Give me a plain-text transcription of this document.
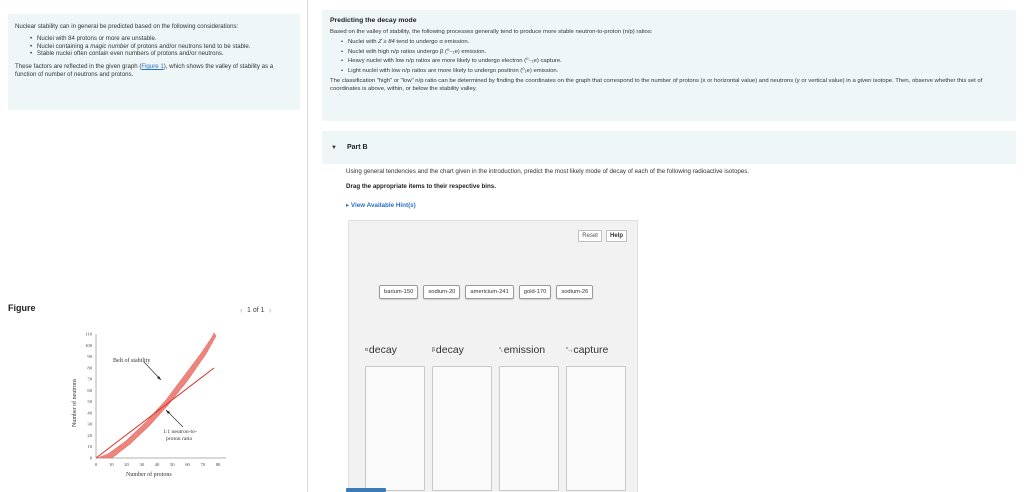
Nuclear stability can in general be predicted based on the following considerations:

• Nuclei with 84 protons or more are unstable.
• Nuclei containing a magic number of protons and/or neutrons tend to be stable.
• Stable nuclei often contain even numbers of protons and/or neutrons.

These factors are reflected in the given graph (Figure 1), which shows the valley of stability as a function of number of neutrons and protons.

Figure	‹ 1 of 1 ›
110
100
90
80
70
60
50
40
30
20
10
0
0	10 20 30 40 50 60 70 80
Belt of stability
1:1 neutron-to-
proton ratio
Number of protons
Number of neutrons
Predicting the decay mode

Based on the valley of stability, the following processes generally tend to produce more stable neutron-to-proton (n/p) ratios:

• Nuclei with Z ≥ 84 tend to undergo α emission.
• Nuclei with high n/p ratios undergo β (⁰₋₁e) emission.
• Heavy nuclei with low n/p ratios are more likely to undergo electron (⁰₋₁e) capture.
• Light nuclei with low n/p ratios are more likely to undergo positron (⁰₁e) emission.

The classification "high" or "low" n/p ratio can be determined by finding the coordinates on the graph that correspond to the number of protons (x or horizontal value) and neutrons (y or vertical value) in a given isotope. Then, observe whether this set of coordinates is above, within, or below the stability valley.

▼ Part B

Using general tendencies and the chart given in the introduction, predict the most likely mode of decay of each of the following radioactive isotopes.

Drag the appropriate items to their respective bins.

▸ View Available Hint(s)
Reset	Help
barium-150	sodium-20	americium-241	gold-170	sodium-26
αdecay	βdecay	⁰₁emission	⁰₋₁capture
